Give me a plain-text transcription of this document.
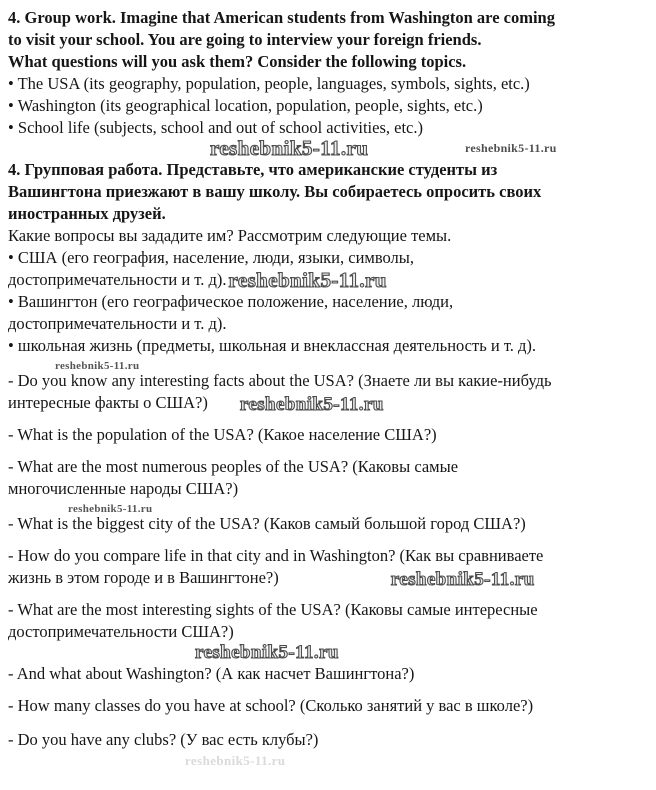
4. Group work. Imagine that American students from Washington are coming
to visit your school. You are going to interview your foreign friends.
What questions will you ask them? Consider the following topics.
• The USA (its geography, population, people, languages, symbols, sights, etc.)
• Washington (its geographical location, population, people, sights, etc.)
• School life (subjects, school and out of school activities, etc.)
reshebnik5-11.ru	reshebnik5-11.ru
4. Групповая работа. Представьте, что американские студенты из
Вашингтона приезжают в вашу школу. Вы собираетесь опросить своих
иностранных друзей.
Какие вопросы вы зададите им? Рассмотрим следующие темы.
• США (его география, население, люди, языки, символы,
достопримечательности и т. д).reshebnik5-11.ru
• Вашингтон (его географическое положение, население, люди,
достопримечательности и т. д).
• школьная жизнь (предметы, школьная и внеклассная деятельность и т. д).
reshebnik5-11.ru
- Do you know any interesting facts about the USA? (Знаете ли вы какие-нибудь
интересные факты о США?) reshebnik5-11.ru
- What is the population of the USA? (Какое население США?)
- What are the most numerous peoples of the USA? (Каковы самые
многочисленные народы США?)
reshebnik5-11.ru
- What is the biggest city of the USA? (Каков самый большой город США?)
- How do you compare life in that city and in Washington? (Как вы сравниваете
жизнь в этом городе и в Вашингтоне?)	reshebnik5-11.ru
- What are the most interesting sights of the USA? (Каковы самые интересные
достопримечательности США?)
reshebnik5-11.ru
- And what about Washington? (А как насчет Вашингтона?)
- How many classes do you have at school? (Сколько занятий у вас в школе?)
- Do you have any clubs? (У вас есть клубы?)
reshebnik5-11.ru
